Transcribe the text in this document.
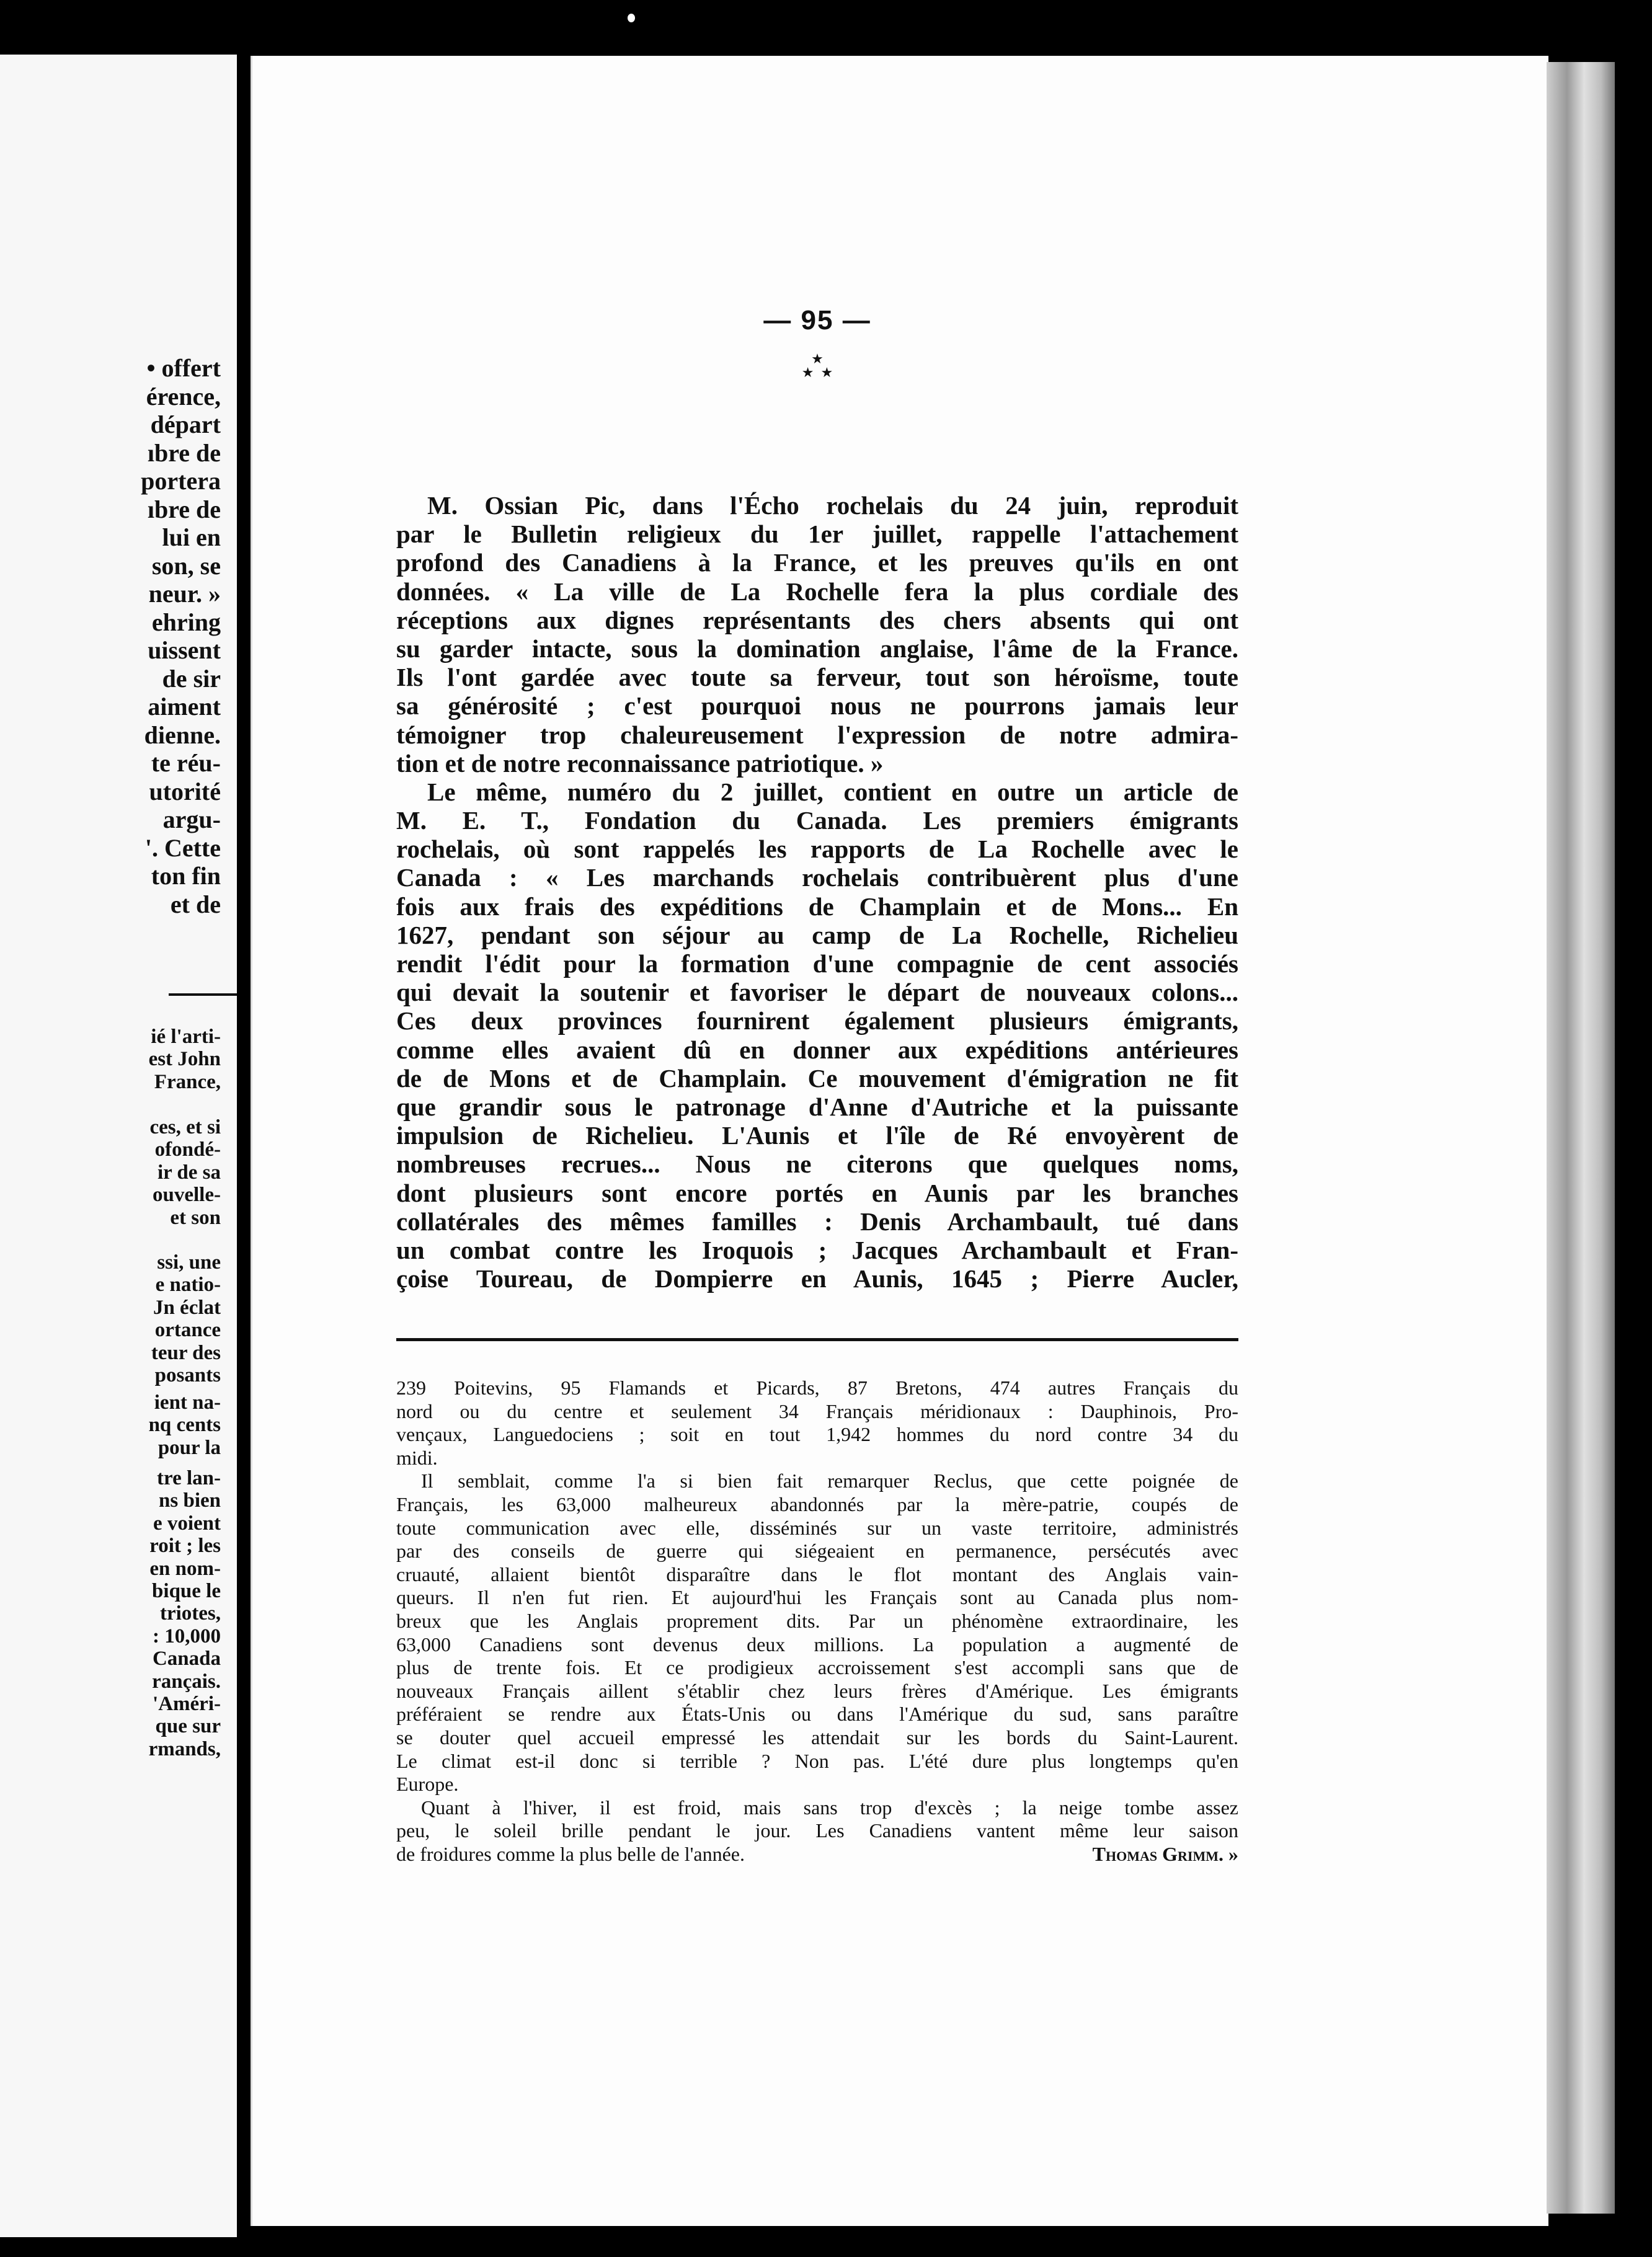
• offert
érence,
départ
ıbre de
portera
ıbre de
lui en
son, se
neur. »
ehring
uissent
de sir
aiment
dienne.
te réu-
utorité
argu-
'. Cette
ton fin
et de
ié l'arti-
est John
France,
ces, et si
ofondé-
ir de sa
ouvelle-
et son
ssi, une
e natio-
Jn éclat
ortance
teur des
posants
ient na-
nq cents
pour la
tre lan-
ns bien
e voient
roit ; les
en nom-
bique le
triotes,
: 10,000
Canada
rançais.
'Améri-
que sur
rmands,
— 95 —
★
★  ★
M. Ossian Pic, dans l'Écho rochelais du 24 juin, reproduit
par le Bulletin religieux du 1er juillet, rappelle l'attachement
profond des Canadiens à la France, et les preuves qu'ils en ont
données. « La ville de La Rochelle fera la plus cordiale des
réceptions aux dignes représentants des chers absents qui ont
su garder intacte, sous la domination anglaise, l'âme de la France.
Ils l'ont gardée avec toute sa ferveur, tout son héroïsme, toute
sa générosité ; c'est pourquoi nous ne pourrons jamais leur
témoigner trop chaleureusement l'expression de notre admira-
tion et de notre reconnaissance patriotique. »
Le même, numéro du 2 juillet, contient en outre un article de
M. E. T., Fondation du Canada. Les premiers émigrants
rochelais, où sont rappelés les rapports de La Rochelle avec le
Canada : « Les marchands rochelais contribuèrent plus d'une
fois aux frais des expéditions de Champlain et de Mons... En
1627, pendant son séjour au camp de La Rochelle, Richelieu
rendit l'édit pour la formation d'une compagnie de cent associés
qui devait la soutenir et favoriser le départ de nouveaux colons...
Ces deux provinces fournirent également plusieurs émigrants,
comme elles avaient dû en donner aux expéditions antérieures
de de Mons et de Champlain. Ce mouvement d'émigration ne fit
que grandir sous le patronage d'Anne d'Autriche et la puissante
impulsion de Richelieu. L'Aunis et l'île de Ré envoyèrent de
nombreuses recrues... Nous ne citerons que quelques noms,
dont plusieurs sont encore portés en Aunis par les branches
collatérales des mêmes familles : Denis Archambault, tué dans
un combat contre les Iroquois ; Jacques Archambault et Fran-
çoise Toureau, de Dompierre en Aunis, 1645 ; Pierre Aucler,
239 Poitevins, 95 Flamands et Picards, 87 Bretons, 474 autres Français du
nord ou du centre et seulement 34 Français méridionaux : Dauphinois, Pro-
vençaux, Languedociens ; soit en tout 1,942 hommes du nord contre 34 du
midi.
Il semblait, comme l'a si bien fait remarquer Reclus, que cette poignée de
Français, les 63,000 malheureux abandonnés par la mère-patrie, coupés de
toute communication avec elle, disséminés sur un vaste territoire, administrés
par des conseils de guerre qui siégeaient en permanence, persécutés avec
cruauté, allaient bientôt disparaître dans le flot montant des Anglais vain-
queurs. Il n'en fut rien. Et aujourd'hui les Français sont au Canada plus nom-
breux que les Anglais proprement dits. Par un phénomène extraordinaire, les
63,000 Canadiens sont devenus deux millions. La population a augmenté de
plus de trente fois. Et ce prodigieux accroissement s'est accompli sans que de
nouveaux Français aillent s'établir chez leurs frères d'Amérique. Les émigrants
préféraient se rendre aux États-Unis ou dans l'Amérique du sud, sans paraître
se douter quel accueil empressé les attendait sur les bords du Saint-Laurent.
Le climat est-il donc si terrible ? Non pas. L'été dure plus longtemps qu'en
Europe.
Quant à l'hiver, il est froid, mais sans trop d'excès ; la neige tombe assez
peu, le soleil brille pendant le jour. Les Canadiens vantent même leur saison
de froidures comme la plus belle de l'année.	Thomas Grimm. »
